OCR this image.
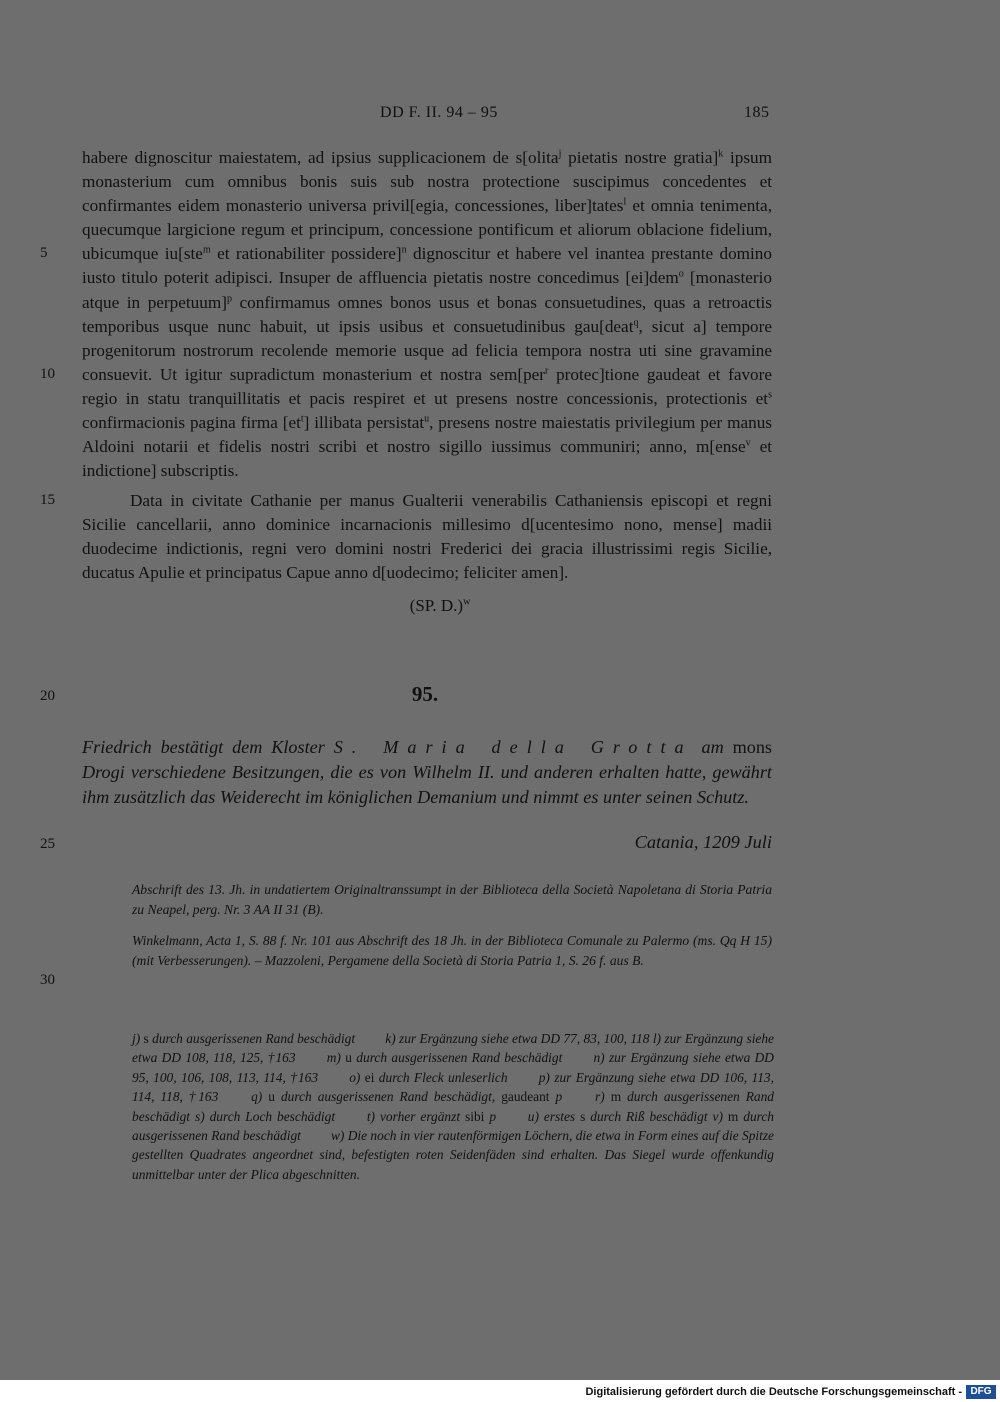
DD F. II. 94 – 95	185
5
10
15
20
25
30
habere dignoscitur maiestatem, ad ipsius supplicacionem de s[olita$^j$ pietatis nostre gratia]$^k$ ipsum monasterium cum omnibus bonis suis sub nostra protectione suscipimus concedentes et confirmantes eidem monasterio universa privil[egia, concessiones, liber]tates$^l$ et omnia tenimenta, quecumque largicione regum et principum, concessione pontificum et aliorum oblacione fidelium, ubicumque iu[ste$^m$ et rationabiliter possidere]$^n$ dignoscitur et habere vel inantea prestante domino iusto titulo poterit adipisci. Insuper de affluencia pietatis nostre concedimus [ei]dem$^o$ [monasterio atque in perpetuum]$^p$ confirmamus omnes bonos usus et bonas consuetudines, quas a retroactis temporibus usque nunc habuit, ut ipsis usibus et consuetudinibus gau[deat$^q$, sicut a] tempore progenitorum nostrorum recolende memorie usque ad felicia tempora nostra uti sine gravamine consuevit. Ut igitur supradictum monasterium et nostra sem[per$^r$ protec]tione gaudeat et favore regio in statu tranquillitatis et pacis respiret et ut presens nostre concessionis, protectionis $et^s$ confirmacionis pagina firma $[et^t]$ illibata persistat$^u$, presens nostre maiestatis privilegium per manus Aldoini notarii et fidelis nostri scribi et nostro sigillo iussimus communiri; anno, m[ense$^v$ et indictione] subscriptis.
Data in civitate Cathanie per manus Gualterii venerabilis Cathaniensis episcopi et regni Sicilie cancellarii, anno dominice incarnacionis millesimo d[ucentesimo nono, mense] madii duodecime indictionis, regni vero domini nostri Frederici dei gracia illustrissimi regis Sicilie, ducatus Apulie et principatus Capue anno d[uodecimo; feliciter amen].
(SP. D.)$^w$
95.
Friedrich bestätigt dem Kloster S. Maria della Grotta am mons Drogi verschiedene Besitzungen, die es von Wilhelm II. und anderen erhalten hatte, gewährt ihm zusätzlich das Weiderecht im königlichen Demanium und nimmt es unter seinen Schutz.
Catania, 1209 Juli
Abschrift des 13. Jh. in undatiertem Originaltranssumpt in der Biblioteca della Società Napoletana di Storia Patria zu Neapel, perg. Nr. 3 AA II 31 (B).
Winkelmann, Acta 1, S. 88 f. Nr. 101 aus Abschrift des 18 Jh. in der Biblioteca Comunale zu Palermo (ms. Qq H 15) (mit Verbesserungen). – Mazzoleni, Pergamene della Società di Storia Patria 1, S. 26 f. aus B.
j) s durch ausgerissenen Rand beschädigt   k) zur Ergänzung siehe etwa DD 77, 83, 100, 118 l) zur Ergänzung siehe etwa DD 108, 118, 125, †163   m) u durch ausgerissenen Rand beschädigt   n) zur Ergänzung siehe etwa DD 95, 100, 106, 108, 113, 114, †163   o) ei durch Fleck unleserlich   p) zur Ergänzung siehe etwa DD 106, 113, 114, 118, †163   q) u durch ausgerissenen Rand beschädigt, gaudeant p   r) m durch ausgerissenen Rand beschädigt s) durch Loch beschädigt   t) vorher ergänzt sibi p   u) erstes s durch Riß beschädigt v) m durch ausgerissenen Rand beschädigt   w) Die noch in vier rautenförmigen Löchern, die etwa in Form eines auf die Spitze gestellten Quadrates angeordnet sind, befestigten roten Seidenfäden sind erhalten. Das Siegel wurde offenkundig unmittelbar unter der Plica abgeschnitten.
Digitalisierung gefördert durch die Deutsche Forschungsgemeinschaft - DFG
